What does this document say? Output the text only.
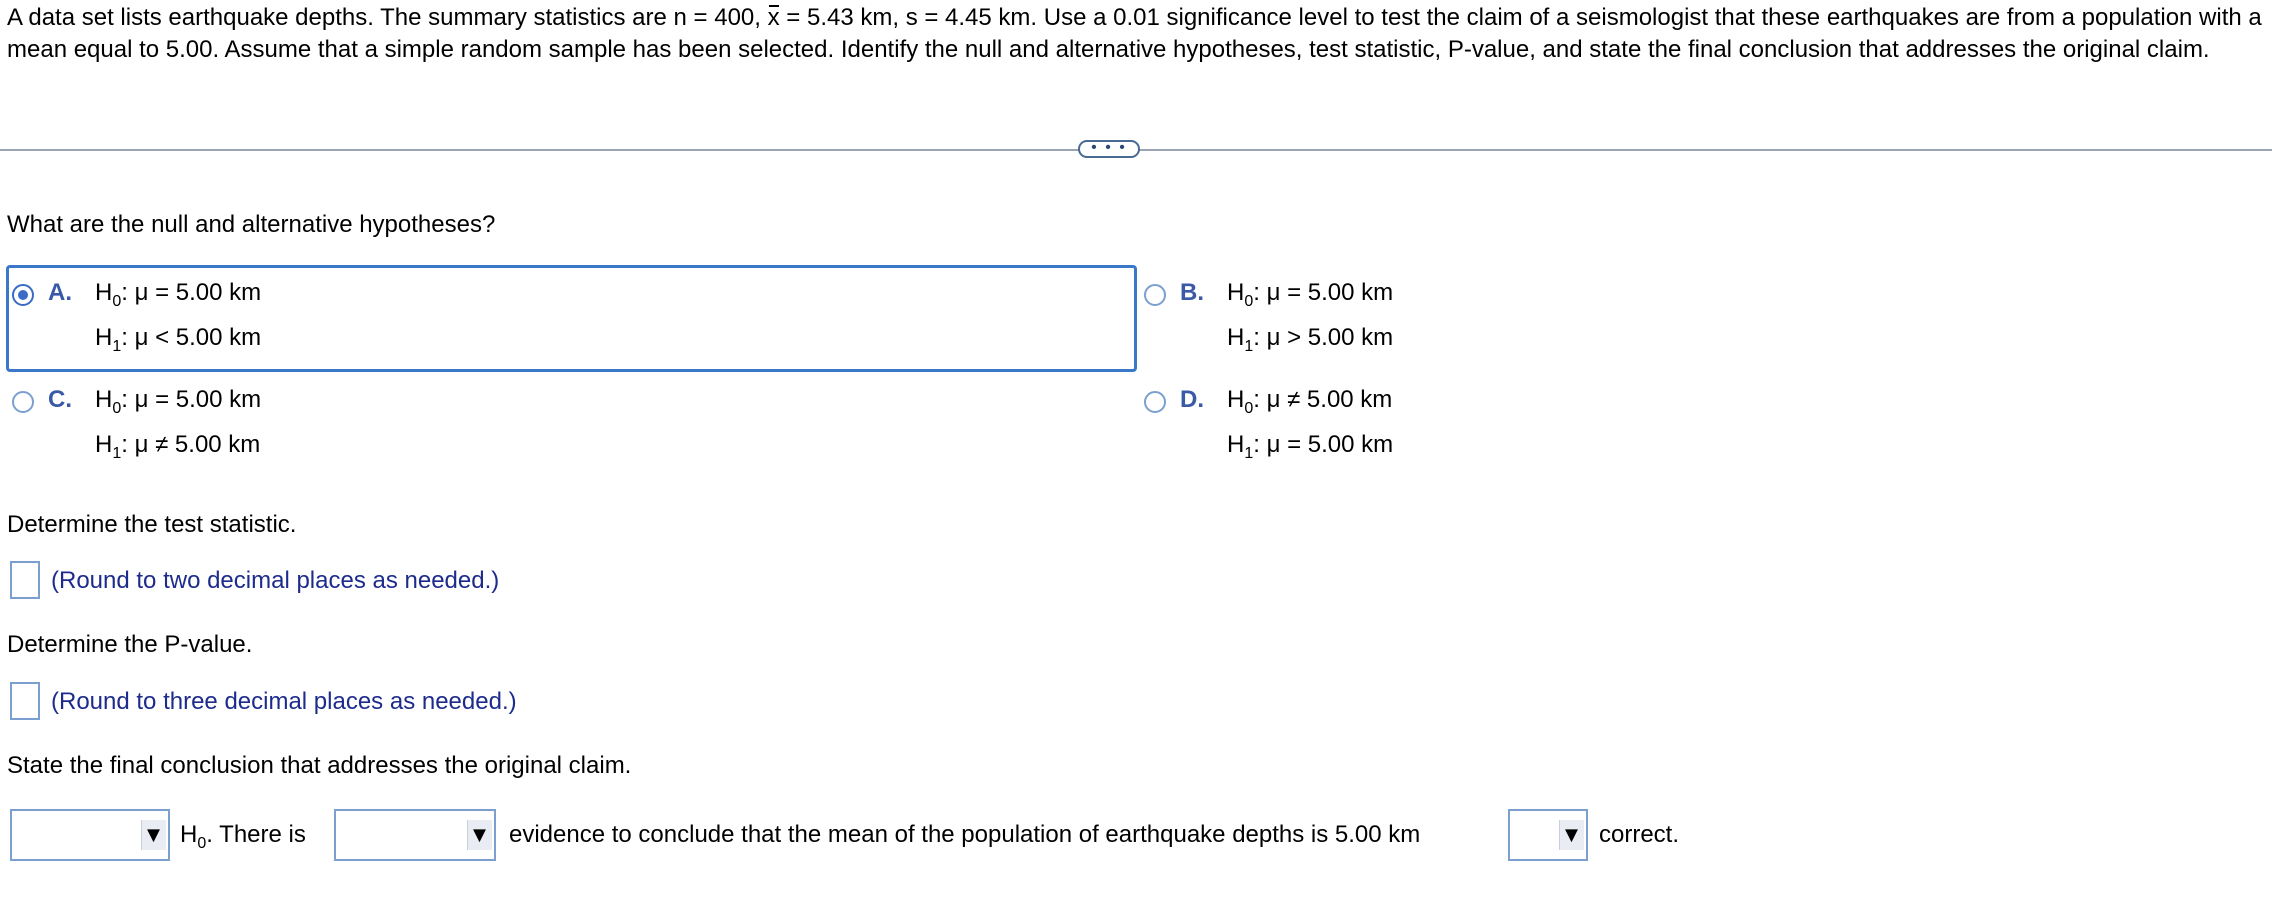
A data set lists earthquake depths. The summary statistics are n = 400, x = 5.43 km, s = 4.45 km. Use a 0.01 significance level to test the claim of a seismologist that these earthquakes are from a population with a mean equal to 5.00. Assume that a simple random sample has been selected. Identify the null and alternative hypotheses, test statistic, P-value, and state the final conclusion that addresses the original claim.
• • •
What are the null and alternative hypotheses?
A. $H_0$: μ = 5.00 km
$H_1$: μ < 5.00 km
B. $H_0$: μ = 5.00 km
$H_1$: μ > 5.00 km
C. $H_0$: μ = 5.00 km
$H_1$: μ ≠ 5.00 km
D. $H_0$: μ ≠ 5.00 km
$H_1$: μ = 5.00 km
Determine the test statistic.
(Round to two decimal places as needed.)
Determine the P-value.
(Round to three decimal places as needed.)
State the final conclusion that addresses the original claim.
▼ $H_0$. There is	▼ evidence to conclude that the mean of the population of earthquake depths is 5.00 km	▼ correct.
